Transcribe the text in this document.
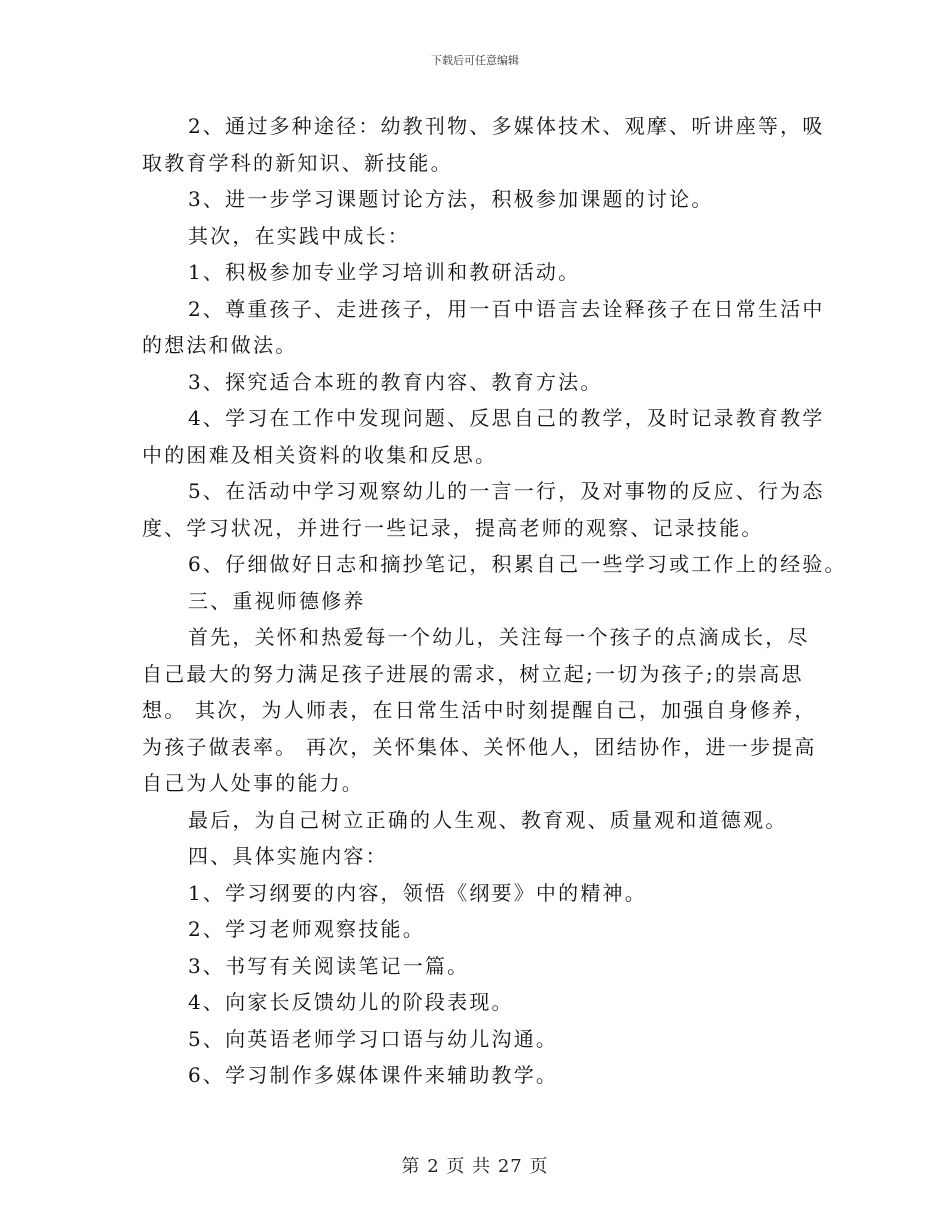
下载后可任意编辑
2、通过多种途径：幼教刊物、多媒体技术、观摩、听讲座等，吸
取教育学科的新知识、新技能。
3、进一步学习课题讨论方法，积极参加课题的讨论。
其次，在实践中成长：
1、积极参加专业学习培训和教研活动。
2、尊重孩子、走进孩子，用一百中语言去诠释孩子在日常生活中
的想法和做法。
3、探究适合本班的教育内容、教育方法。
4、学习在工作中发现问题、反思自己的教学，及时记录教育教学
中的困难及相关资料的收集和反思。
5、在活动中学习观察幼儿的一言一行，及对事物的反应、行为态
度、学习状况，并进行一些记录，提高老师的观察、记录技能。
6、仔细做好日志和摘抄笔记，积累自己一些学习或工作上的经验。
三、重视师德修养
首先，关怀和热爱每一个幼儿，关注每一个孩子的点滴成长，尽
自己最大的努力满足孩子进展的需求，树立起;一切为孩子;的崇高思
想。 其次，为人师表，在日常生活中时刻提醒自己，加强自身修养，
为孩子做表率。 再次，关怀集体、关怀他人，团结协作，进一步提高
自己为人处事的能力。
最后，为自己树立正确的人生观、教育观、质量观和道德观。
四、具体实施内容：
1、学习纲要的内容，领悟《纲要》中的精神。
2、学习老师观察技能。
3、书写有关阅读笔记一篇。
4、向家长反馈幼儿的阶段表现。
5、向英语老师学习口语与幼儿沟通。
6、学习制作多媒体课件来辅助教学。
第 2 页 共 27 页
